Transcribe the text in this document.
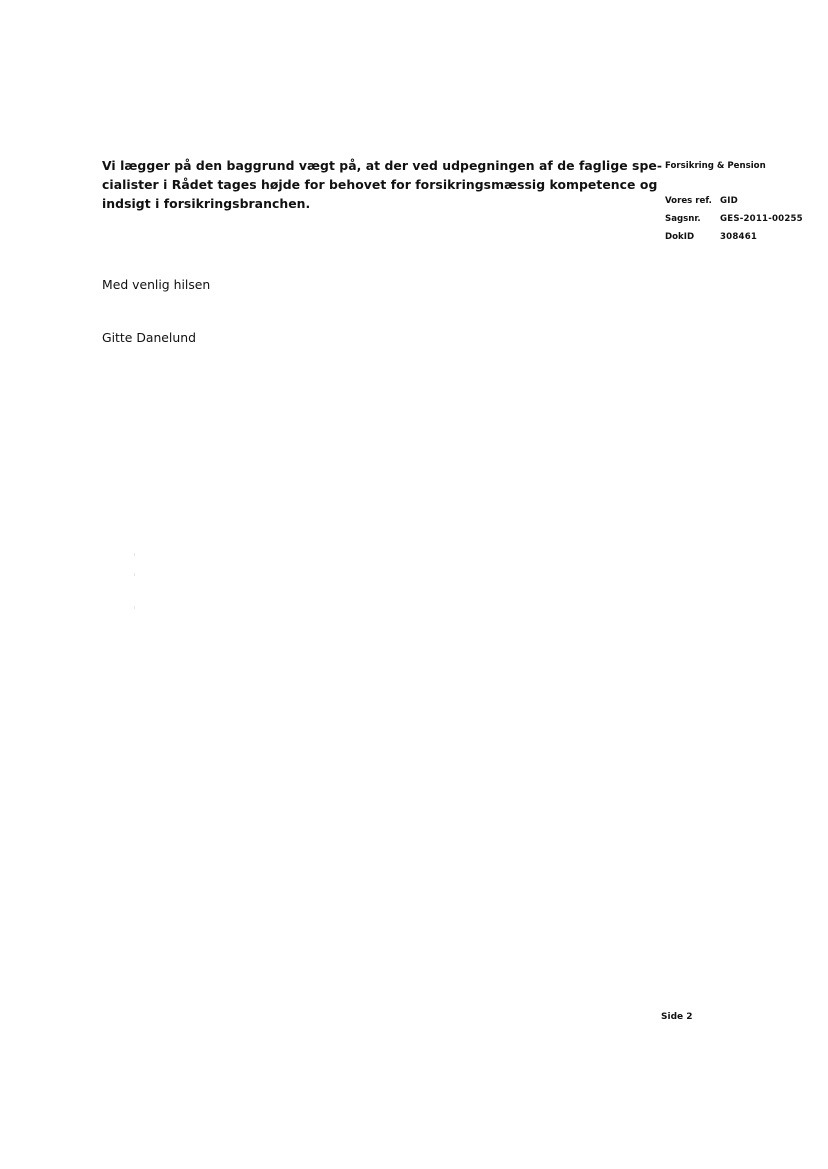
Vi lægger på den baggrund vægt på, at der ved udpegningen af de faglige spe-
cialister i Rådet tages højde for behovet for forsikringsmæssig kompetence og
indsigt i forsikringsbranchen.

Med venlig hilsen

Gitte Danelund

Forsikring & Pension

Vores ref. GID
Sagsnr.	GES-2011-00255
DokID	308461

Side 2
